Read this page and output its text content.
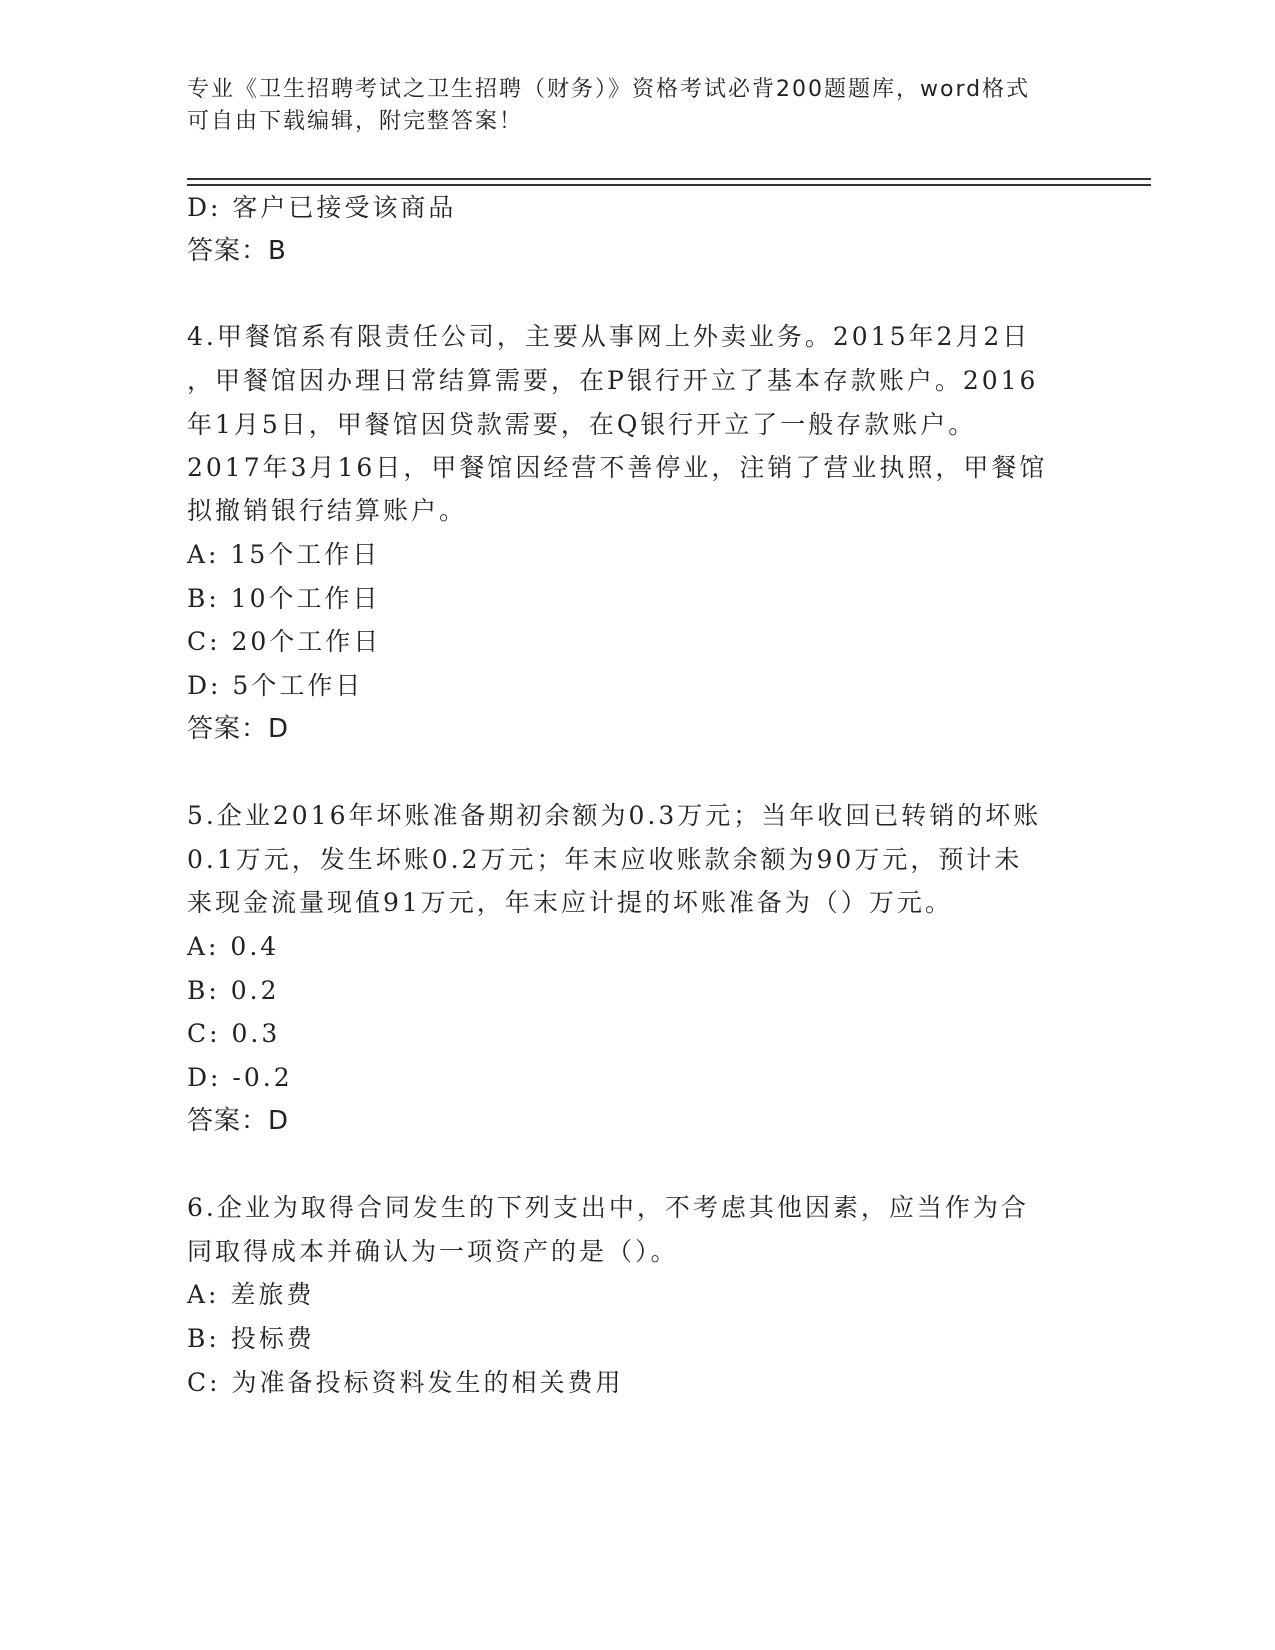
专业《卫生招聘考试之卫生招聘（财务）》资格考试必背200题题库，word格式
可自由下载编辑，附完整答案！
D: 客户已接受该商品
答案：B
4.甲餐馆系有限责任公司，主要从事网上外卖业务。2015年2月2日
，甲餐馆因办理日常结算需要，在P银行开立了基本存款账户。2016
年1月5日，甲餐馆因贷款需要，在Q银行开立了一般存款账户。
2017年3月16日，甲餐馆因经营不善停业，注销了营业执照，甲餐馆
拟撤销银行结算账户。
A: 15个工作日
B: 10个工作日
C: 20个工作日
D: 5个工作日
答案：D
5.企业2016年坏账准备期初余额为0.3万元；当年收回已转销的坏账
0.1万元，发生坏账0.2万元；年末应收账款余额为90万元，预计未
来现金流量现值91万元，年末应计提的坏账准备为（）万元。
A: 0.4
B: 0.2
C: 0.3
D: -0.2
答案：D
6.企业为取得合同发生的下列支出中，不考虑其他因素，应当作为合
同取得成本并确认为一项资产的是（）。
A: 差旅费
B: 投标费
C: 为准备投标资料发生的相关费用
